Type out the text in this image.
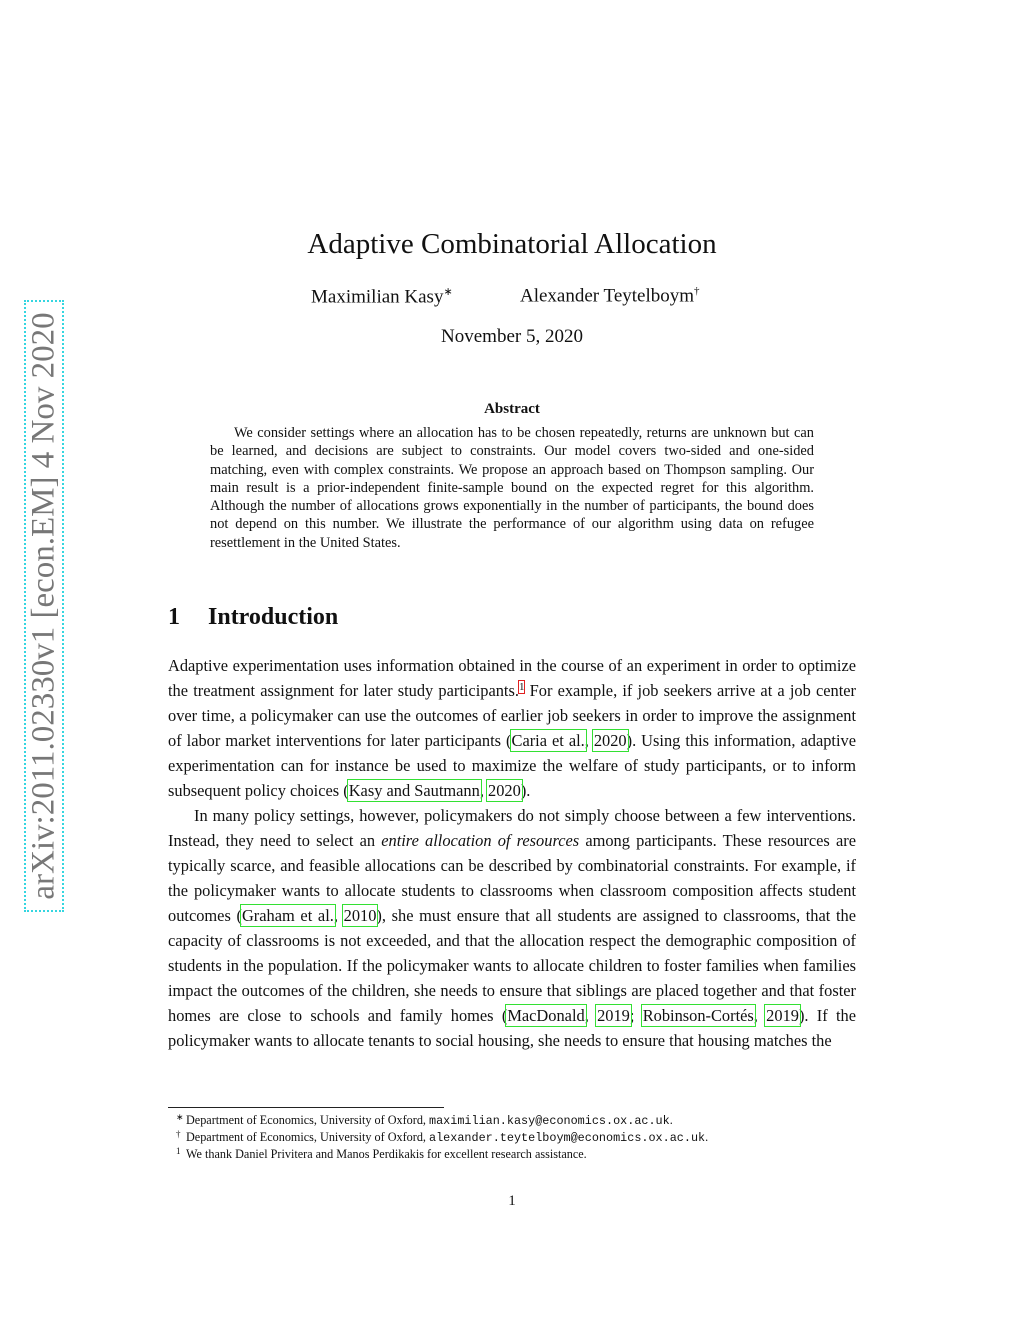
arXiv:2011.02330v1 [econ.EM] 4 Nov 2020
Adaptive Combinatorial Allocation
Maximilian Kasy∗	Alexander Teytelboym†
November 5, 2020
Abstract

We consider settings where an allocation has to be chosen repeatedly, returns are unknown but can be learned, and decisions are subject to constraints. Our model covers two-sided and one-sided matching, even with complex constraints. We propose an approach based on Thompson sampling. Our main result is a prior-independent finite-sample bound on the expected regret for this algorithm. Although the number of allocations grows exponentially in the number of participants, the bound does not depend on this number. We illustrate the performance of our algorithm using data on refugee resettlement in the United States.

1 Introduction

Adaptive experimentation uses information obtained in the course of an experiment in order to optimize the treatment assignment for later study participants.$^1$ For example, if job seekers arrive at a job center over time, a policymaker can use the outcomes of earlier job seekers in order to improve the assignment of labor market interventions for later participants (Caria et al., 2020). Using this information, adaptive experimentation can for instance be used to maximize the welfare of study participants, or to inform subsequent policy choices (Kasy and Sautmann, 2020).

In many policy settings, however, policymakers do not simply choose between a few interventions. Instead, they need to select an entire allocation of resources among participants. These resources are typically scarce, and feasible allocations can be described by combinatorial constraints. For example, if the policymaker wants to allocate students to classrooms when classroom composition affects student outcomes (Graham et al., 2010), she must ensure that all students are assigned to classrooms, that the capacity of classrooms is not exceeded, and that the allocation respect the demographic composition of students in the population. If the policymaker wants to allocate children to foster families when families impact the outcomes of the children, she needs to ensure that siblings are placed together and that foster homes are close to schools and family homes (MacDonald, 2019; Robinson-Cortés, 2019). If the policymaker wants to allocate tenants to social housing, she needs to ensure that housing matches the

∗ Department of Economics, University of Oxford, maximilian.kasy@economics.ox.ac.uk.
† Department of Economics, University of Oxford, alexander.teytelboym@economics.ox.ac.uk.
1 We thank Daniel Privitera and Manos Perdikakis for excellent research assistance.
1
